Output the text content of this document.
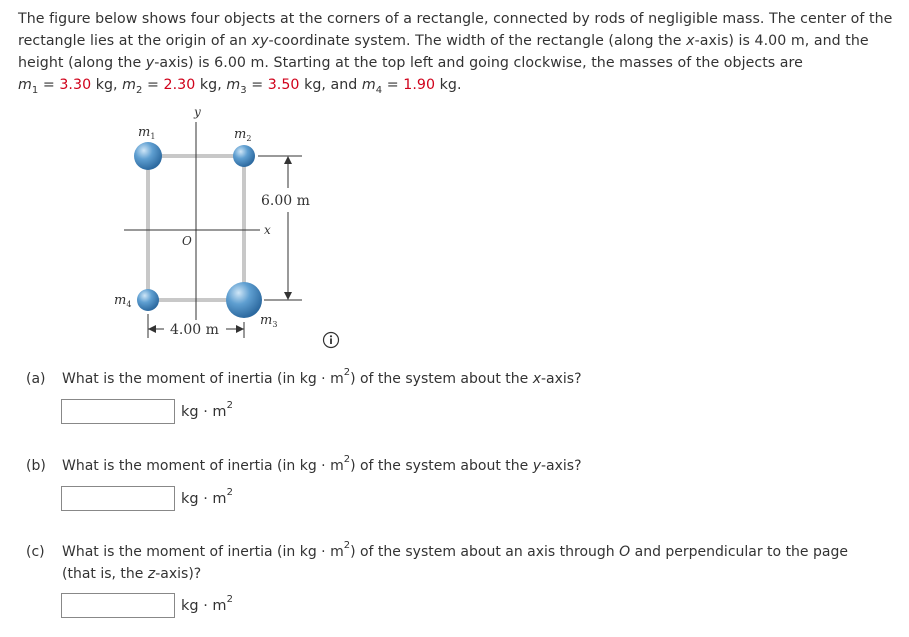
The figure below shows four objects at the corners of a rectangle, connected by rods of negligible mass. The center of the rectangle lies at the origin of an xy-coordinate system. The width of the rectangle (along the x-axis) is 4.00 m, and the height (along the y-axis) is 6.00 m. Starting at the top left and going clockwise, the masses of the objects are
$m_1 = 3.30$ kg, $m_2 = 2.30$ kg, $m_3 = 3.50$ kg, and $m_4 = 1.90$ kg.
y
x
O
$m_1$	$m_2$
$m_3$
$m_4$
6.00 m
4.00 m
(a) What is the moment of inertia (in kg · $m^2$) of the system about the x-axis?
kg · $m^2$
(b) What is the moment of inertia (in kg · $m^2$) of the system about the y-axis?
kg · $m^2$
(c) What is the moment of inertia (in kg · $m^2$) of the system about an axis through O and perpendicular to the page
(that is, the z-axis)?
kg · $m^2$
